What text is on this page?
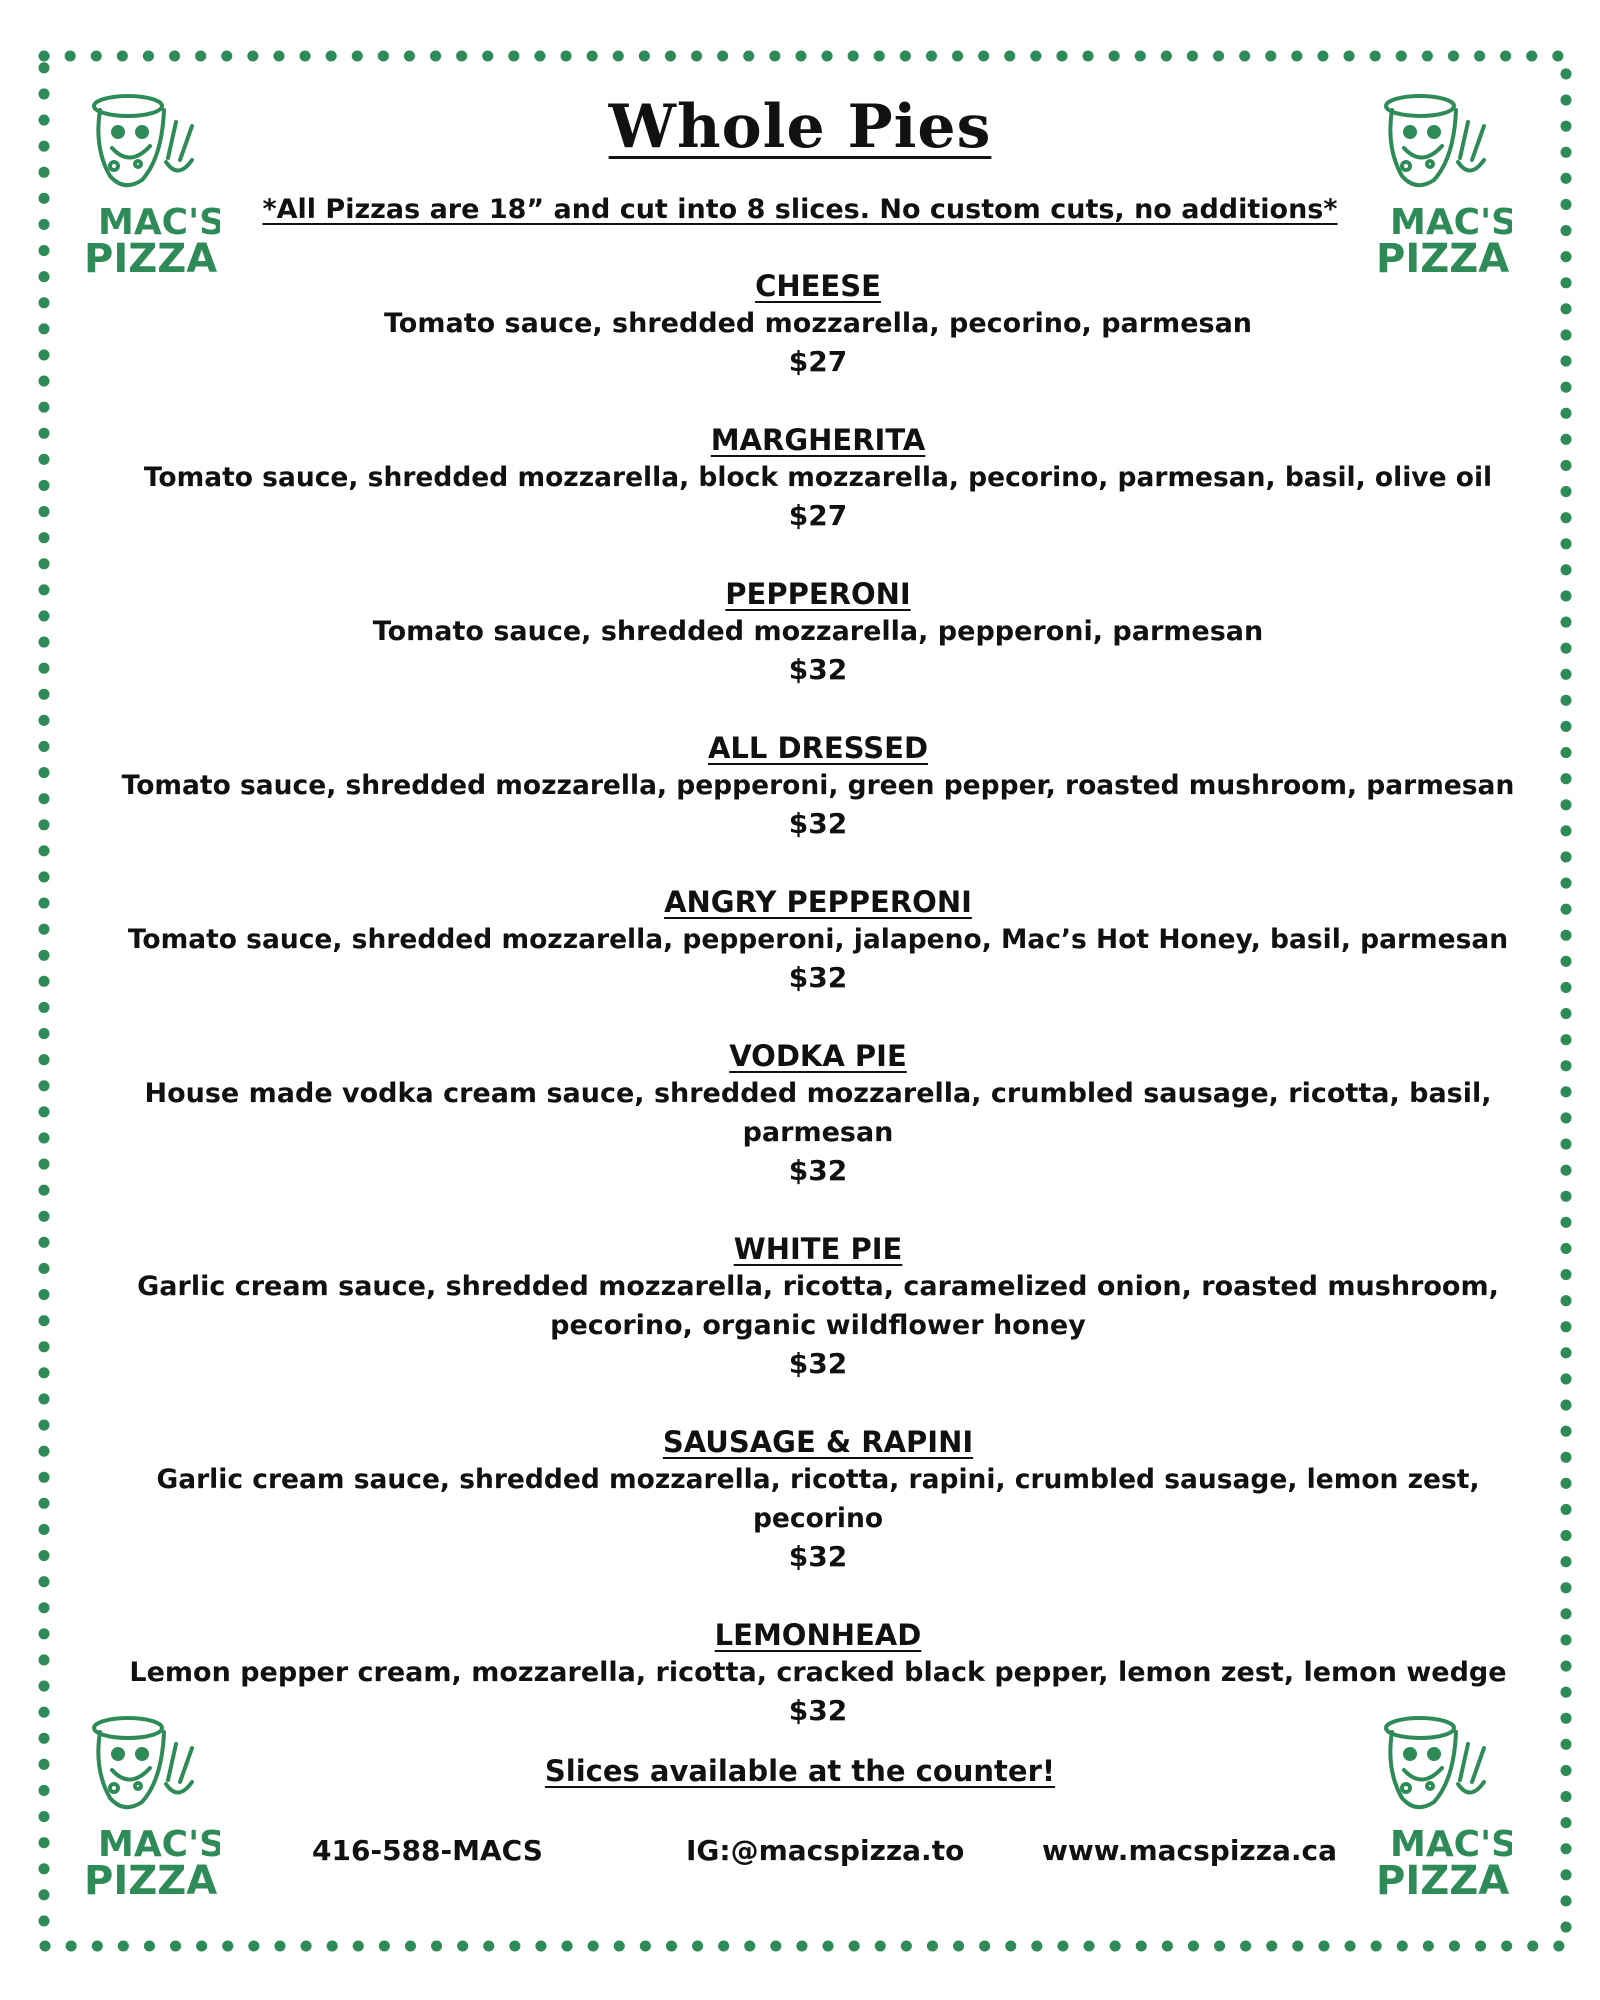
MAC'S
PIZZA
MAC'S
PIZZA
MAC'S
PIZZA
MAC'S
PIZZA
Whole Pies
*All Pizzas are 18” and cut into 8 slices. No custom cuts, no additions*
CHEESE
Tomato sauce, shredded mozzarella, pecorino, parmesan
$27
MARGHERITA
Tomato sauce, shredded mozzarella, block mozzarella, pecorino, parmesan, basil, olive oil
$27
PEPPERONI
Tomato sauce, shredded mozzarella, pepperoni, parmesan
$32
ALL DRESSED
Tomato sauce, shredded mozzarella, pepperoni, green pepper, roasted mushroom, parmesan
$32
ANGRY PEPPERONI
Tomato sauce, shredded mozzarella, pepperoni, jalapeno, Mac’s Hot Honey, basil, parmesan
$32
VODKA PIE
House made vodka cream sauce, shredded mozzarella, crumbled sausage, ricotta, basil, parmesan
$32
WHITE PIE
Garlic cream sauce, shredded mozzarella, ricotta, caramelized onion, roasted mushroom, pecorino, organic wildflower honey
$32
SAUSAGE & RAPINI
Garlic cream sauce, shredded mozzarella, ricotta, rapini, crumbled sausage, lemon zest, pecorino
$32
LEMONHEAD
Lemon pepper cream, mozzarella, ricotta, cracked black pepper, lemon zest, lemon wedge
$32
Slices available at the counter!
416-588-MACS	IG:@macspizza.to	www.macspizza.ca
